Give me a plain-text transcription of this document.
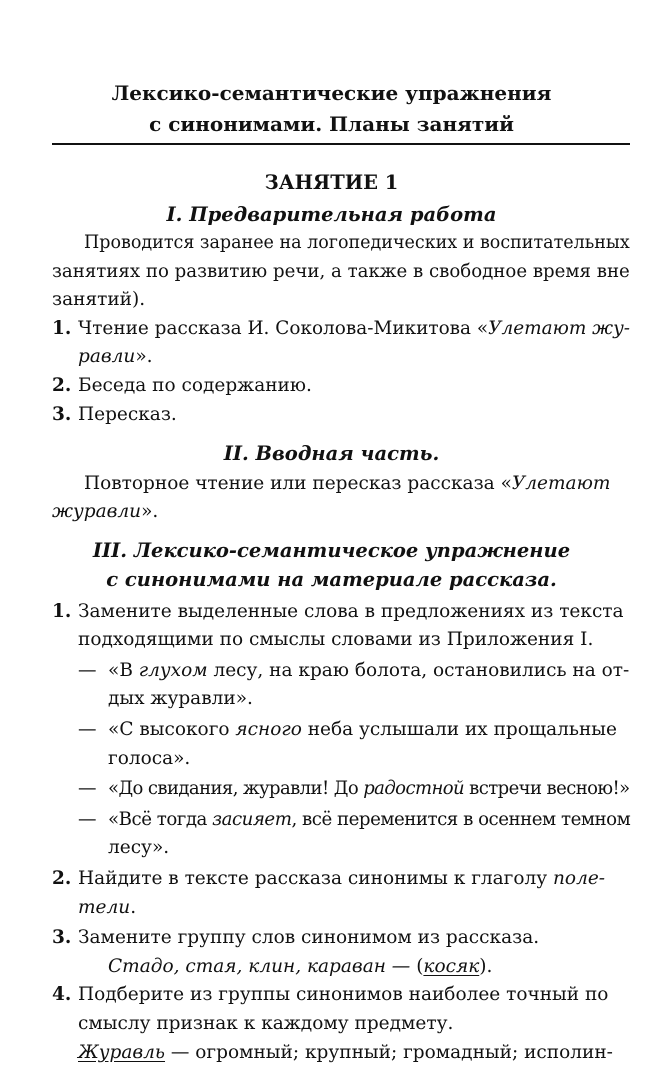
Лексико-семантические упражнения
с синонимами. Планы занятий
ЗАНЯТИЕ 1
I. Предварительная работа
Проводится заранее на логопедических и воспитательных
занятиях по развитию речи, а также в свободное время вне
занятий).
1. Чтение рассказа И. Соколова-Микитова «Улетают жу-
равли».
2. Беседа по содержанию.
3. Пересказ.
II. Вводная часть.
Повторное чтение или пересказ рассказа «Улетают
журавли».
III. Лексико-семантическое упражнение
с синонимами на материале рассказа.
1. Замените выделенные слова в предложениях из текста
подходящими по смыслы словами из Приложения I.
— «В глухом лесу, на краю болота, остановились на от-
дых журавли».
— «С высокого ясного неба услышали их прощальные
голоса».
— «До свидания, журавли! До радостной встречи весною!»
— «Всё тогда засияет, всё переменится в осеннем темном
лесу».
2. Найдите в тексте рассказа синонимы к глаголу поле-
тели.
3. Замените группу слов синонимом из рассказа.
Стадо, стая, клин, караван — (косяк).
4. Подберите из группы синонимов наиболее точный по
смыслу признак к каждому предмету.
Журавль — огромный; крупный; громадный; исполин-
